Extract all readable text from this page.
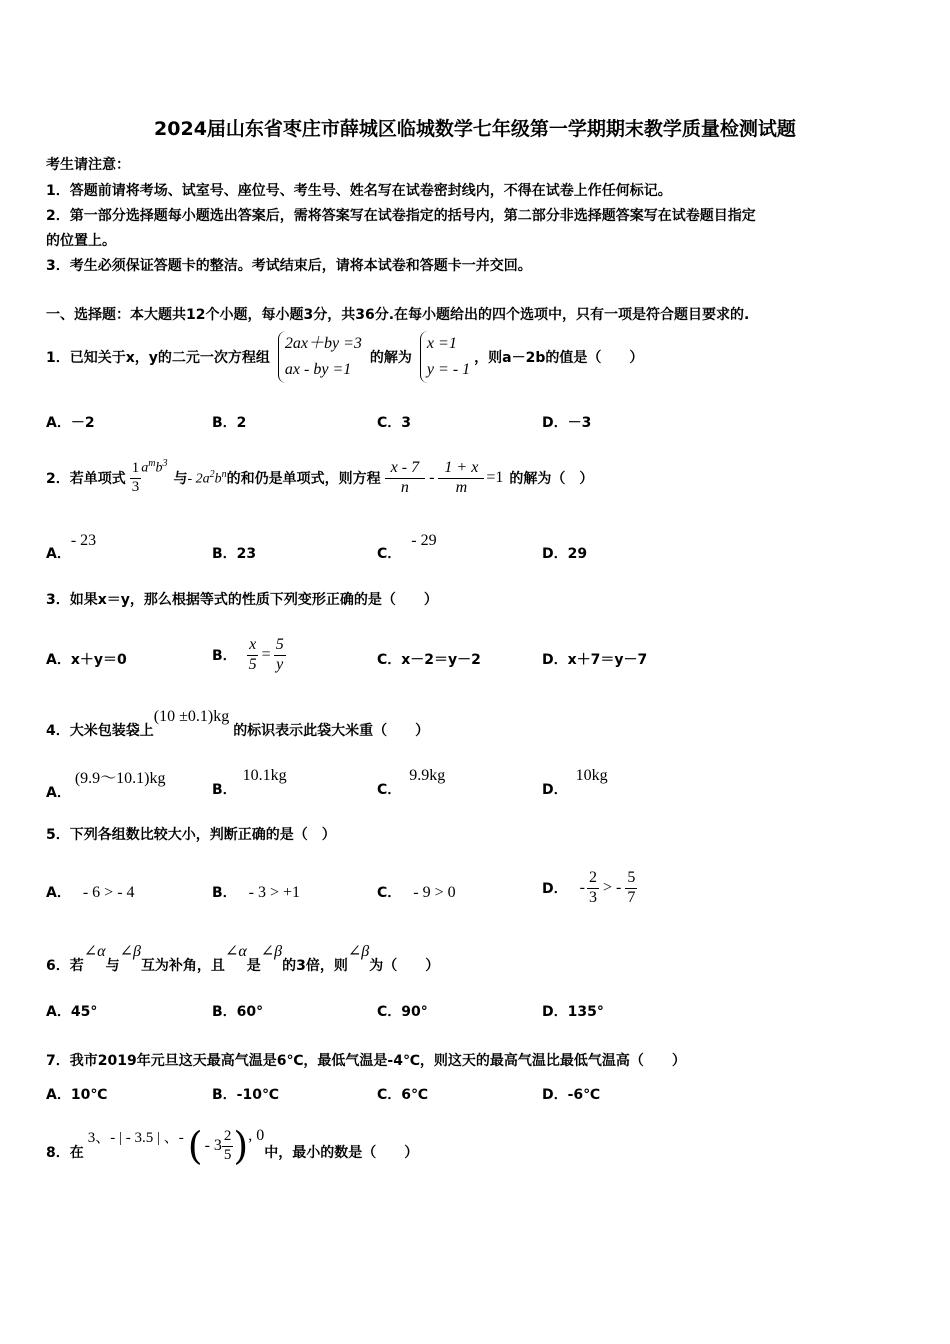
2024届山东省枣庄市薛城区临城数学七年级第一学期期末教学质量检测试题
考生请注意：
1．答题前请将考场、试室号、座位号、考生号、姓名写在试卷密封线内，不得在试卷上作任何标记。
2．第一部分选择题每小题选出答案后，需将答案写在试卷指定的括号内，第二部分非选择题答案写在试卷题目指定
的位置上。
3．考生必须保证答题卡的整洁。考试结束后，请将本试卷和答题卡一并交回。
一、选择题：本大题共12个小题，每小题3分，共36分.在每小题给出的四个选项中，只有一项是符合题目要求的.
1．已知关于x，y的二元一次方程组
2ax＋by =3
ax - by =1
的解为
x =1
y = - 1
，则a－2b的值是（　　）
A．－2	B．2	C．3	D．－3
2．若单项式 $\frac{1}{3} a^mb^3$
与 - $2a^2b^n$ 的和仍是单项式，则方程 $\frac{x - 7}{n} - \frac{1 + x}{m} =1$ 的解为（　）
A．- 23
B．23	C．- 29
D．29
3．如果x＝y，那么根据等式的性质下列变形正确的是（　　）
A．x＋y＝0	B． $\frac{x}{5} = \frac{5}{y}$	C．x－2＝y－2	D．x＋7＝y－7
4．大米包装袋上(10 ±0.1)kg的标识表示此袋大米重（　　）
A．(9.9～10.1)kg
B．10.1kg
C．9.9kg
D．10kg
5．下列各组数比较大小，判断正确的是（　）
A． - 6 > - 4	B． - 3 > +1	C． - 9 > 0	D． - $\frac{2}{3}$ > - $\frac{5}{7}$
6．若∠α与∠β互为补角，且∠α是∠β的3倍，则∠β为（　　）
A．45°	B．60°	C．90°	D．135°
7．我市2019年元旦这天最高气温是6℃，最低气温是-4℃，则这天的最高气温比最低气温高（　　）
A．10℃	B．-10℃	C．6℃	D．-6℃
8．在
3、- | - 3.5 | 、- ( - $3 \frac{2}{5}$ ) , 0
中，最小的数是（　　）
